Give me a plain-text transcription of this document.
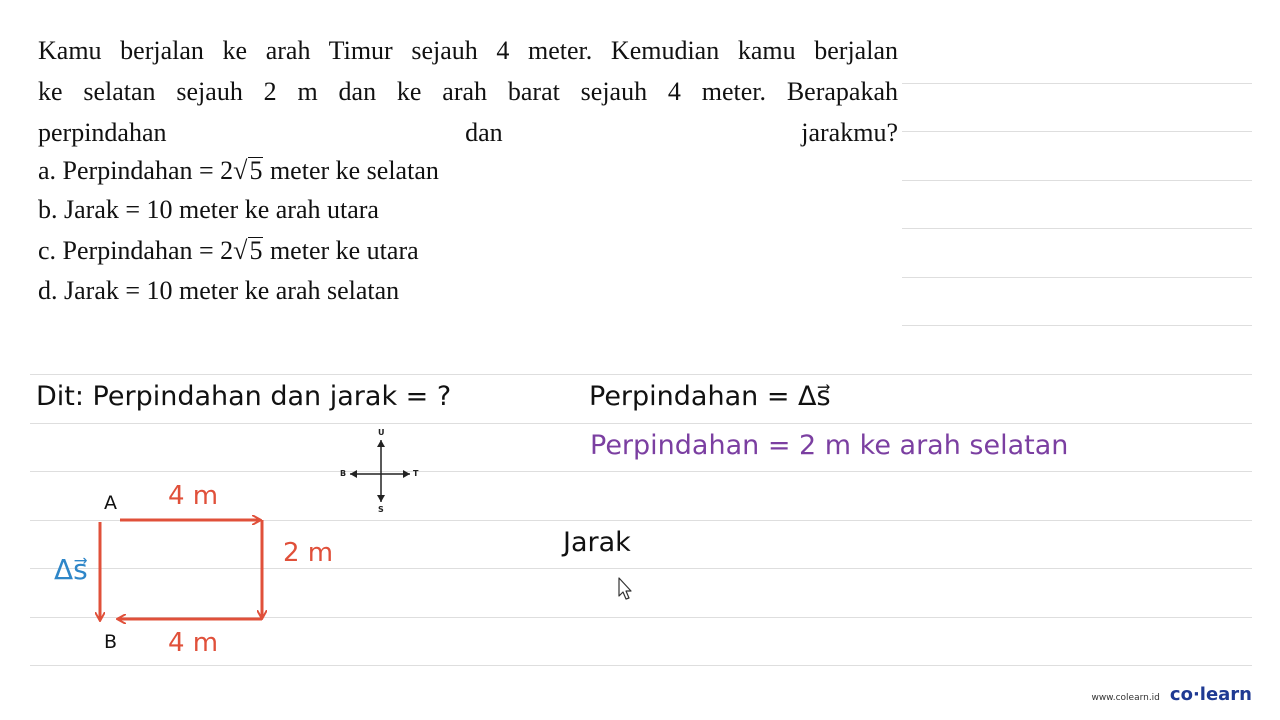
Kamu berjalan ke arah Timur sejauh 4 meter. Kemudian kamu berjalan
ke selatan sejauh 2 m dan ke arah barat sejauh 4 meter. Berapakah
perpindahan dan jarakmu?
a. Perpindahan = 2√5 meter ke selatan
b. Jarak = 10 meter ke arah utara
c. Perpindahan = 2√5 meter ke utara
d. Jarak = 10 meter ke arah selatan
Dit: Perpindahan dan jarak = ?	Perpindahan = Δs⃗
Perpindahan = 2 m ke arah selatan
Jarak
A
B
4 m
2 m
4 m
Δs⃗
U
T
S
B
www.colearn.id co·learn
